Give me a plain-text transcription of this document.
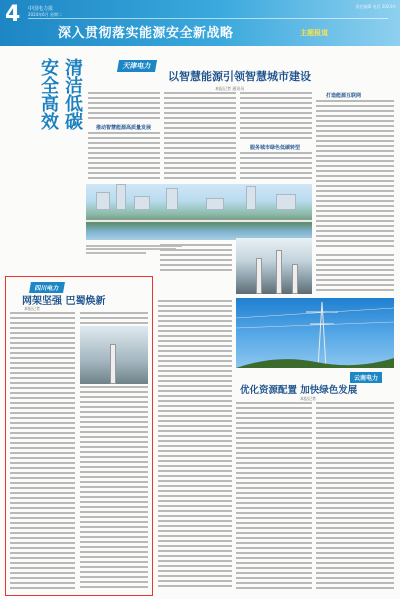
4 中国电力报
2024年6月 星期二
深入贯彻落实能源安全新战略	主题报道
责任编辑 电话 2024年
清洁低碳
安全高效	天津电力
以智慧能源引领智慧城市建设
本报记者 通讯员
推动智慧能源高质量发展
服务城市绿色低碳转型
打造能源互联网
四川电力
网架坚强 巴蜀焕新
本报记者
云南电力
优化资源配置 加快绿色发展
本报记者
